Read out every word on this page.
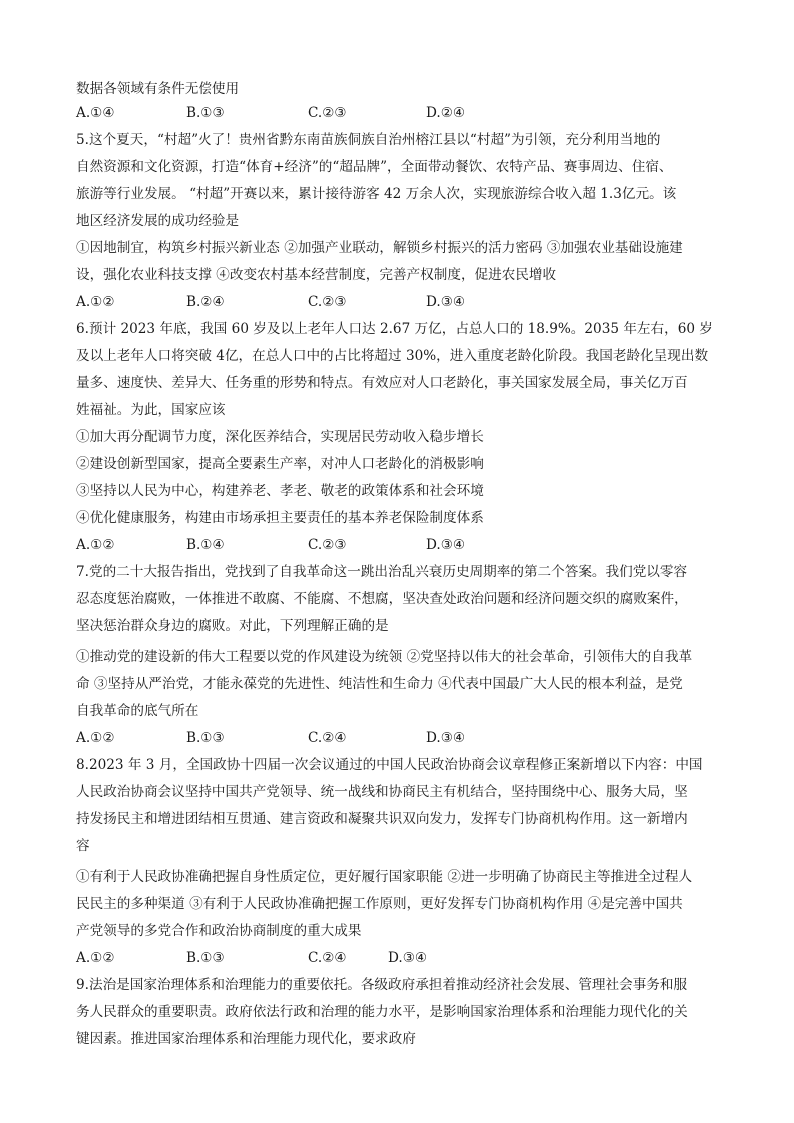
数据各领域有条件无偿使用
A.①④	B.①③	C.②③	D.②④
5.这个夏天，“村超”火了！贵州省黔东南苗族侗族自治州榕江县以“村超”为引领，充分利用当地的
自然资源和文化资源，打造“体育+经济”的“超品牌”，全面带动餐饮、农特产品、赛事周边、住宿、
旅游等行业发展。 “村超”开赛以来，累计接待游客 42 万余人次，实现旅游综合收入超 1.3亿元。该
地区经济发展的成功经验是
①因地制宜，构筑乡村振兴新业态 ②加强产业联动，解锁乡村振兴的活力密码 ③加强农业基础设施建
设，强化农业科技支撑 ④改变农村基本经营制度，完善产权制度，促进农民增收
A.①②	B.②④	C.②③	D.③④
6.预计 2023 年底，我国 60 岁及以上老年人口达 2.67 万亿，占总人口的 18.9%。2035 年左右，60 岁
及以上老年人口将突破 4亿，在总人口中的占比将超过 30%，进入重度老龄化阶段。我国老龄化呈现出数
量多、速度快、差异大、任务重的形势和特点。有效应对人口老龄化，事关国家发展全局，事关亿万百
姓福祉。为此，国家应该
①加大再分配调节力度，深化医养结合，实现居民劳动收入稳步增长
②建设创新型国家，提高全要素生产率，对冲人口老龄化的消极影响
③坚持以人民为中心，构建养老、孝老、敬老的政策体系和社会环境
④优化健康服务，构建由市场承担主要责任的基本养老保险制度体系
A.①②	B.①④	C.②③	D.③④
7.党的二十大报告指出，党找到了自我革命这一跳出治乱兴衰历史周期率的第二个答案。我们党以零容
忍态度惩治腐败，一体推进不敢腐、不能腐、不想腐，坚决查处政治问题和经济问题交织的腐败案件，
坚决惩治群众身边的腐败。对此，下列理解正确的是
①推动党的建设新的伟大工程要以党的作风建设为统领 ②党坚持以伟大的社会革命，引领伟大的自我革
命 ③坚持从严治党，才能永葆党的先进性、纯洁性和生命力 ④代表中国最广大人民的根本利益，是党
自我革命的底气所在
A.①②	B.①③	C.②④	D.③④
8.2023 年 3 月，全国政协十四届一次会议通过的中国人民政治协商会议章程修正案新增以下内容：中国
人民政治协商会议坚持中国共产党领导、统一战线和协商民主有机结合，坚持围绕中心、服务大局，坚
持发扬民主和增进团结相互贯通、建言资政和凝聚共识双向发力，发挥专门协商机构作用。这一新增内
容
①有利于人民政协准确把握自身性质定位，更好履行国家职能 ②进一步明确了协商民主等推进全过程人
民民主的多种渠道 ③有利于人民政协准确把握工作原则，更好发挥专门协商机构作用 ④是完善中国共
产党领导的多党合作和政治协商制度的重大成果
A.①②	B.①③	C.②④	D.③④
9.法治是国家治理体系和治理能力的重要依托。各级政府承担着推动经济社会发展、管理社会事务和服
务人民群众的重要职责。政府依法行政和治理的能力水平，是影响国家治理体系和治理能力现代化的关
键因素。推进国家治理体系和治理能力现代化，要求政府
